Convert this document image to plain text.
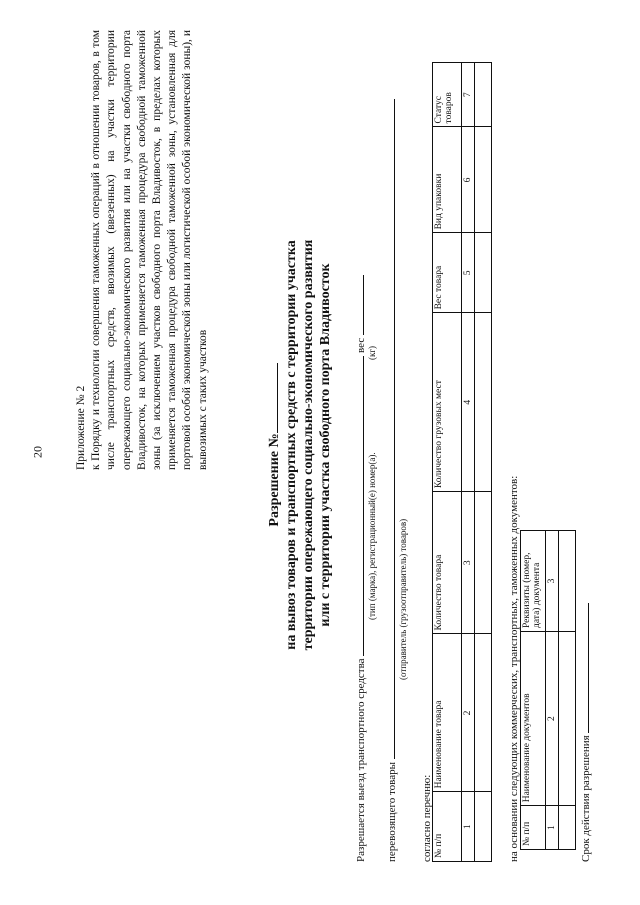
20	Приложение № 2 к Порядку и технологии совершения таможенных операций в отношении товаров, в том числе транспортных средств, ввозимых (ввезенных) на участки территории опережающего социально-экономического развития или на участки свободного порта Владивосток, на которых применяется таможенная процедура свободной таможенной зоны (за исключением участков свободного порта Владивосток, в пределах которых применяется таможенная процедура свободной таможенной зоны, установленная для портовой особой экономической зоны или логистической особой экономической зоны), и вывозимых с таких участков
Разрешение № на вывоз товаров и транспортных средств с территории участка территории опережающего социально-экономического развития или с территории участка свободного порта Владивосток
Разрешается выезд транспортного средства  вес
(тип (марка), регистрационный(е) номер(а).
(кг)
перевозящего товары
(отправитель (грузоотправитель) товаров)
согласно перечню: № п/п	Наименование товара	Количество товара	Количество грузовых мест	Вес товара	Вид упаковки	Статус товаров
1	2	3	4	5	6	7

на основании следующих коммерческих, транспортных, таможенных документов: № п/п	Наименование документов	Реквизиты (номер, дата) документа
1	2	3

Срок действия разрешения
